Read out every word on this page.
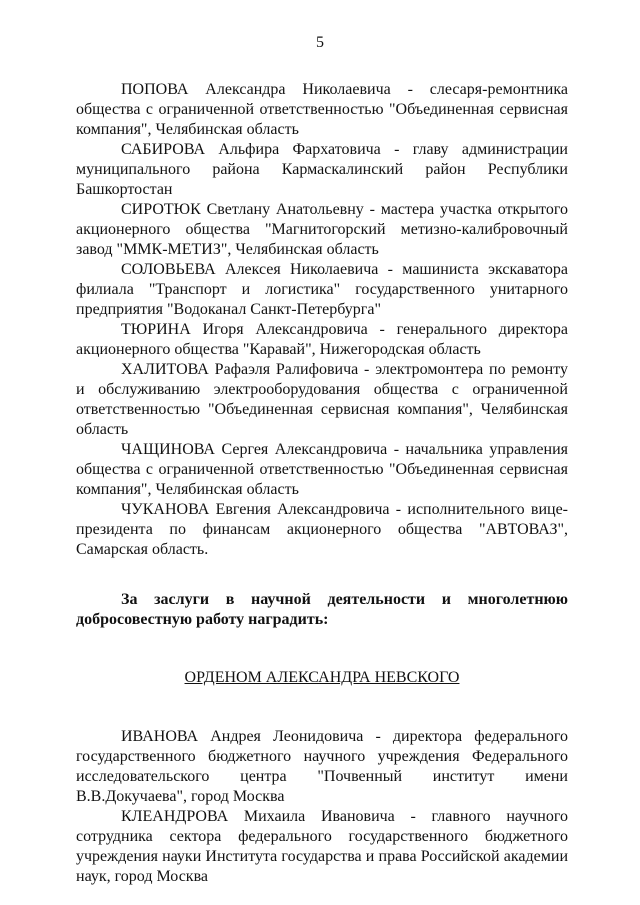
5

ПОПОВА Александра Николаевича - слесаря-ремонтника общества с ограниченной ответственностью "Объединенная сервисная компания", Челябинская область

САБИРОВА Альфира Фархатовича - главу администрации муниципального района Кармаскалинский район Республики Башкортостан

СИРОТЮК Светлану Анатольевну - мастера участка открытого акционерного общества "Магнитогорский метизно-калибровочный завод "ММК-МЕТИЗ", Челябинская область

СОЛОВЬЕВА Алексея Николаевича - машиниста экскаватора филиала "Транспорт и логистика" государственного унитарного предприятия "Водоканал Санкт-Петербурга"

ТЮРИНА Игоря Александровича - генерального директора акционерного общества "Каравай", Нижегородская область

ХАЛИТОВА Рафаэля Ралифовича - электромонтера по ремонту и обслуживанию электрооборудования общества с ограниченной ответственностью "Объединенная сервисная компания", Челябинская область

ЧАЩИНОВА Сергея Александровича - начальника управления общества с ограниченной ответственностью "Объединенная сервисная компания", Челябинская область

ЧУКАНОВА Евгения Александровича - исполнительного вице-президента по финансам акционерного общества "АВТОВАЗ", Самарская область.

За заслуги в научной деятельности и многолетнюю добросовестную работу наградить:

ОРДЕНОМ АЛЕКСАНДРА НЕВСКОГО

ИВАНОВА Андрея Леонидовича - директора федерального государственного бюджетного научного учреждения Федерального исследовательского центра "Почвенный институт имени В.В.Докучаева", город Москва

КЛЕАНДРОВА Михаила Ивановича - главного научного сотрудника сектора федерального государственного бюджетного учреждения науки Института государства и права Российской академии наук, город Москва
